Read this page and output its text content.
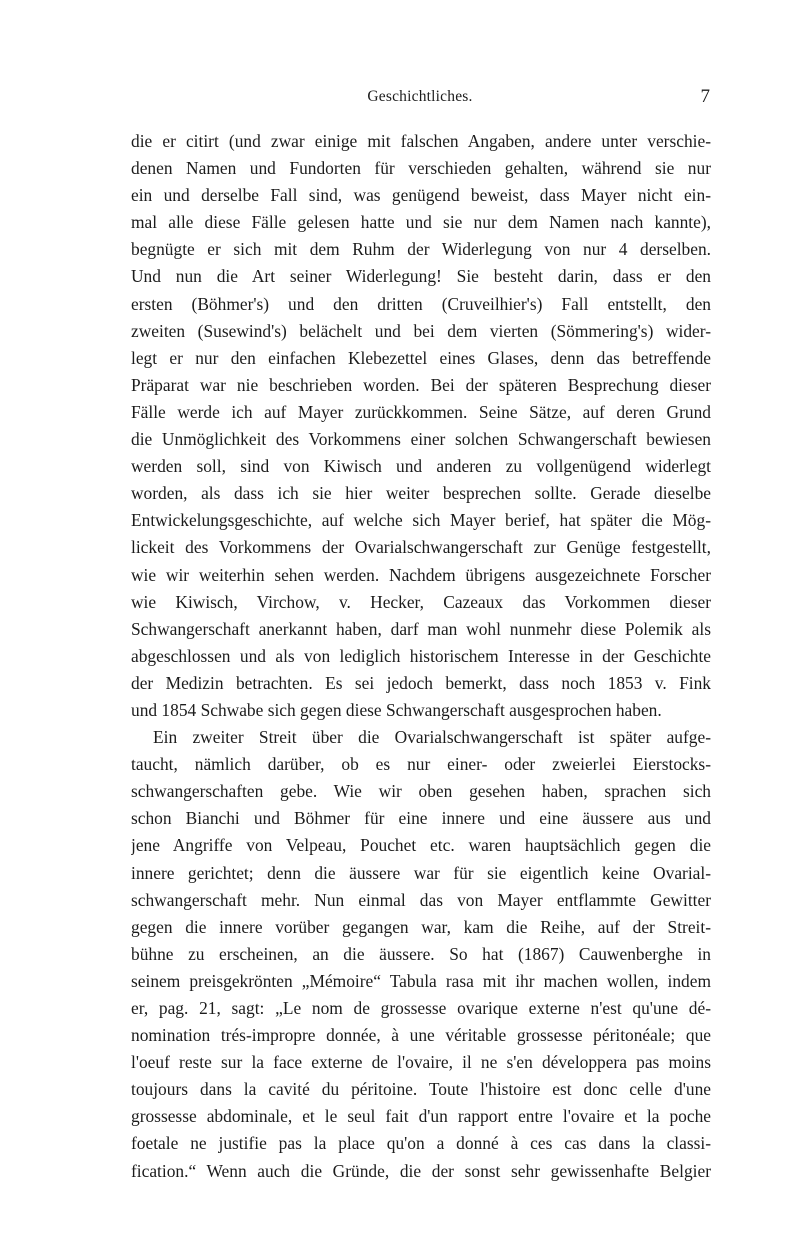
Geschichtliches.	7
die er citirt (und zwar einige mit falschen Angaben, andere unter verschie-
denen Namen und Fundorten für verschieden gehalten, während sie nur
ein und derselbe Fall sind, was genügend beweist, dass Mayer nicht ein-
mal alle diese Fälle gelesen hatte und sie nur dem Namen nach kannte),
begnügte er sich mit dem Ruhm der Widerlegung von nur 4 derselben.
Und nun die Art seiner Widerlegung! Sie besteht darin, dass er den
ersten (Böhmer's) und den dritten (Cruveilhier's) Fall entstellt, den
zweiten (Susewind's) belächelt und bei dem vierten (Sömmering's) wider-
legt er nur den einfachen Klebezettel eines Glases, denn das betreffende
Präparat war nie beschrieben worden. Bei der späteren Besprechung dieser
Fälle werde ich auf Mayer zurückkommen. Seine Sätze, auf deren Grund
die Unmöglichkeit des Vorkommens einer solchen Schwangerschaft bewiesen
werden soll, sind von Kiwisch und anderen zu vollgenügend widerlegt
worden, als dass ich sie hier weiter besprechen sollte. Gerade dieselbe
Entwickelungsgeschichte, auf welche sich Mayer berief, hat später die Mög-
lickeit des Vorkommens der Ovarialschwangerschaft zur Genüge festgestellt,
wie wir weiterhin sehen werden. Nachdem übrigens ausgezeichnete Forscher
wie Kiwisch, Virchow, v. Hecker, Cazeaux das Vorkommen dieser
Schwangerschaft anerkannt haben, darf man wohl nunmehr diese Polemik als
abgeschlossen und als von lediglich historischem Interesse in der Geschichte
der Medizin betrachten. Es sei jedoch bemerkt, dass noch 1853 v. Fink
und 1854 Schwabe sich gegen diese Schwangerschaft ausgesprochen haben.
Ein zweiter Streit über die Ovarialschwangerschaft ist später aufge-
taucht, nämlich darüber, ob es nur einer- oder zweierlei Eierstocks-
schwangerschaften gebe. Wie wir oben gesehen haben, sprachen sich
schon Bianchi und Böhmer für eine innere und eine äussere aus und
jene Angriffe von Velpeau, Pouchet etc. waren hauptsächlich gegen die
innere gerichtet; denn die äussere war für sie eigentlich keine Ovarial-
schwangerschaft mehr. Nun einmal das von Mayer entflammte Gewitter
gegen die innere vorüber gegangen war, kam die Reihe, auf der Streit-
bühne zu erscheinen, an die äussere. So hat (1867) Cauwenberghe in
seinem preisgekrönten „Mémoire“ Tabula rasa mit ihr machen wollen, indem
er, pag. 21, sagt: „Le nom de grossesse ovarique externe n'est qu'une dé-
nomination trés-impropre donnée, à une véritable grossesse péritonéale; que
l'oeuf reste sur la face externe de l'ovaire, il ne s'en développera pas moins
toujours dans la cavité du péritoine. Toute l'histoire est donc celle d'une
grossesse abdominale, et le seul fait d'un rapport entre l'ovaire et la poche
foetale ne justifie pas la place qu'on a donné à ces cas dans la classi-
fication.“ Wenn auch die Gründe, die der sonst sehr gewissenhafte Belgier
